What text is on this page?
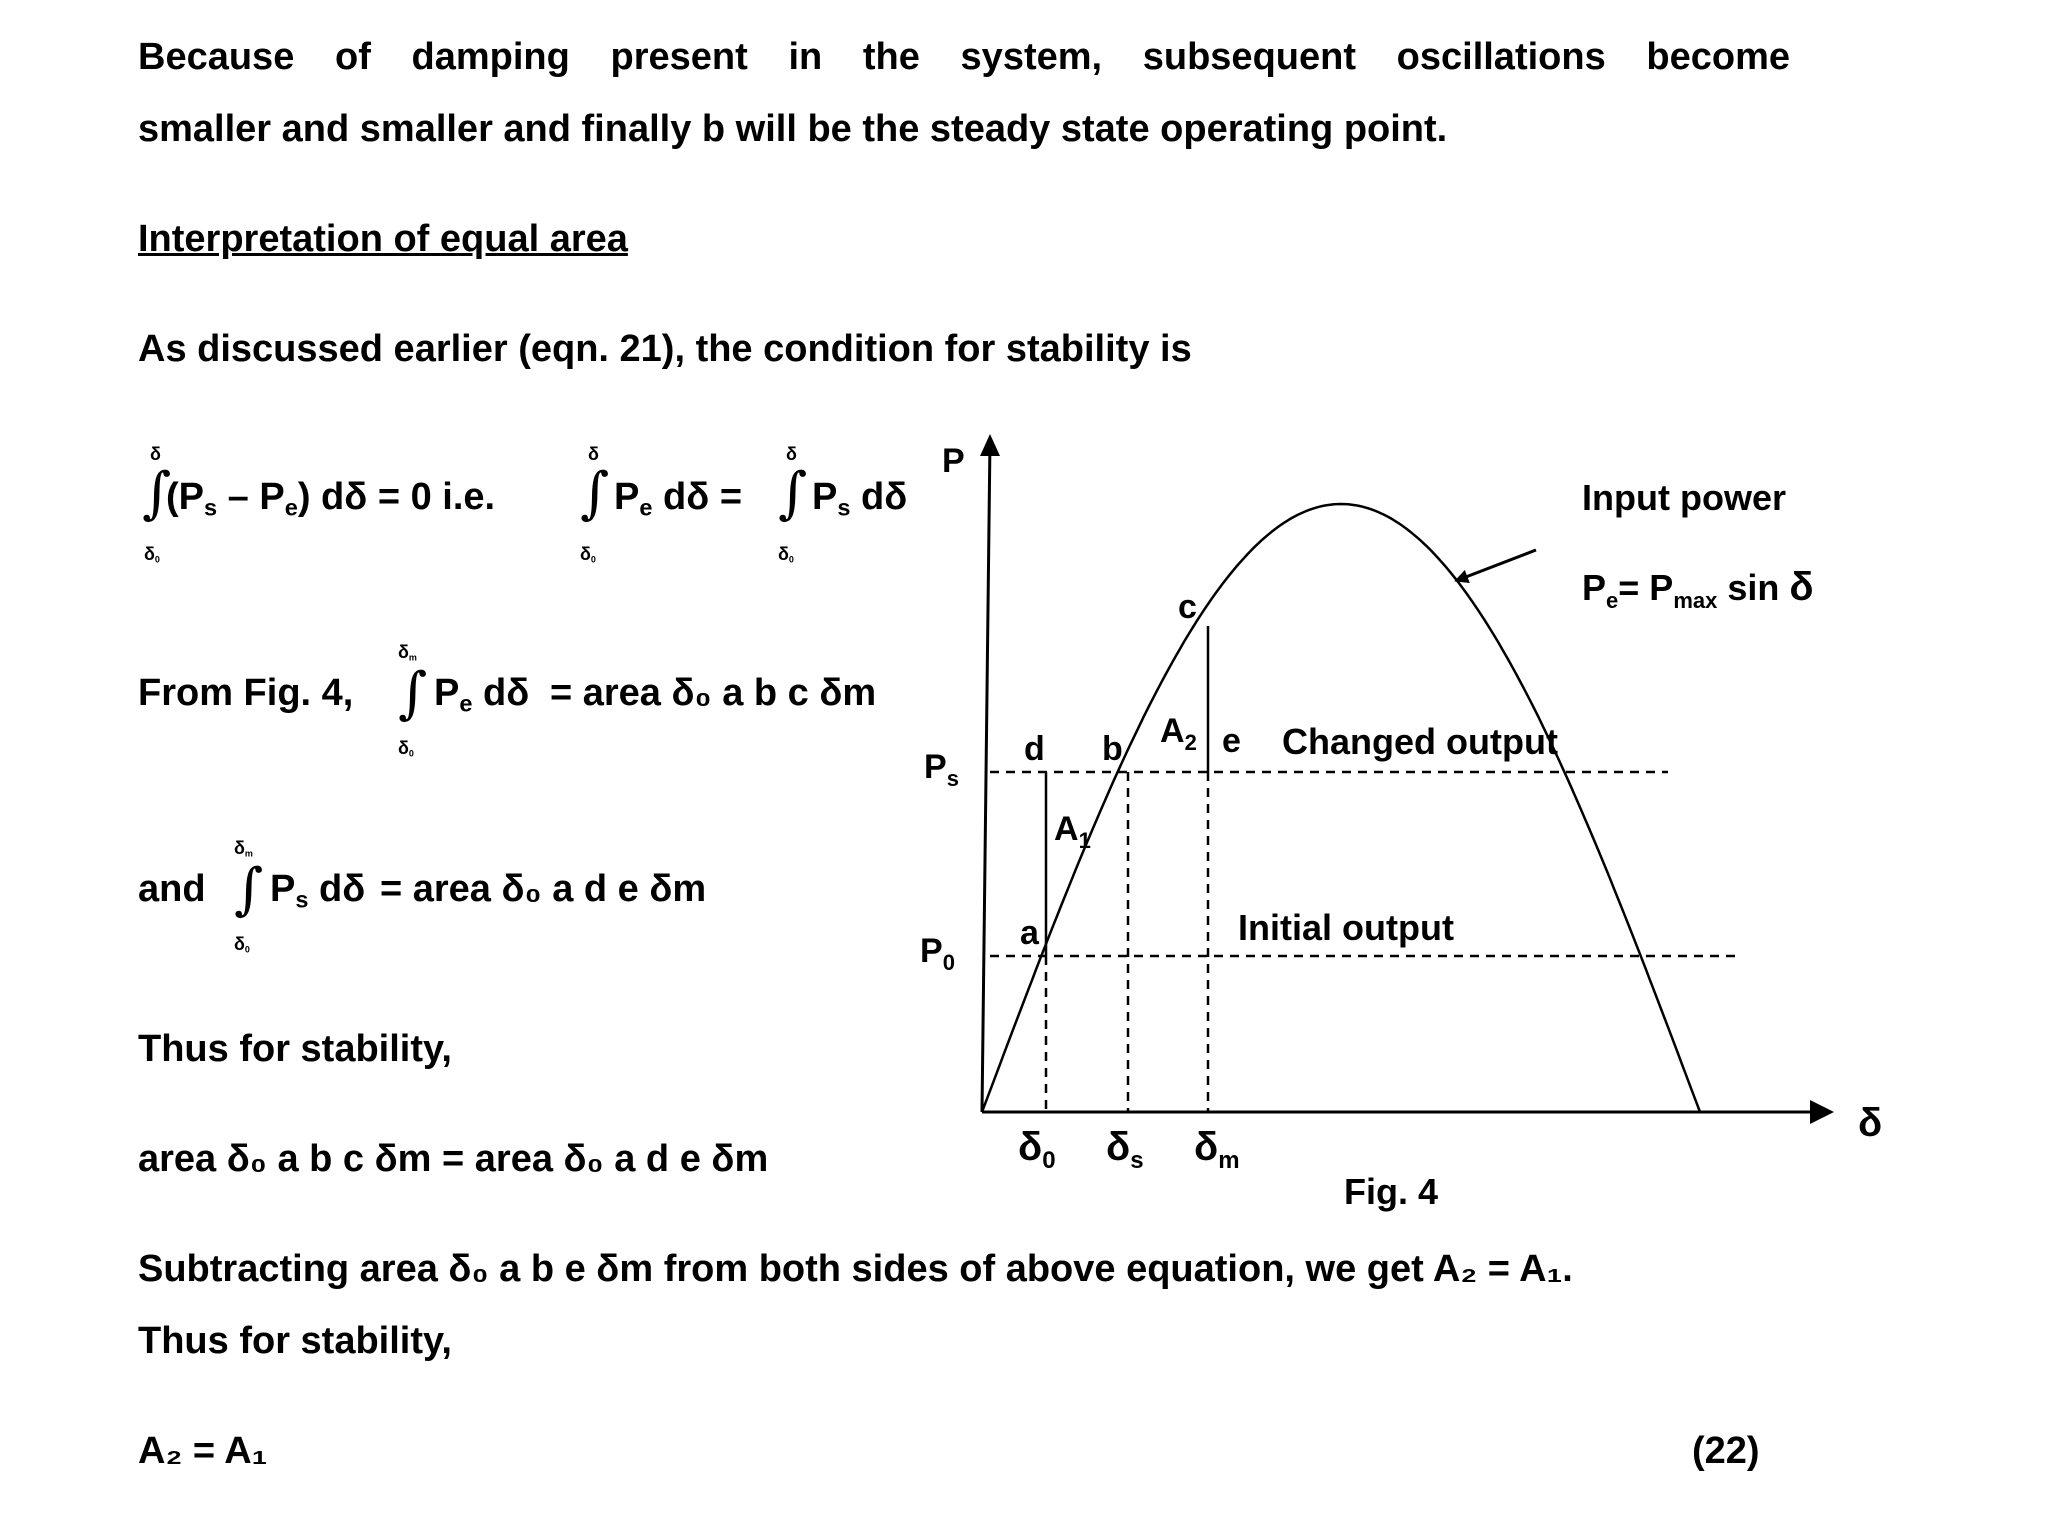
Because of damping present in the system, subsequent oscillations become
smaller and smaller and finally b will be the steady state operating point.
Interpretation of equal area
As discussed earlier (eqn. 21), the condition for stability is
δ
∫
$\delta_0$
$(P_s - P_e) d\delta = 0$ i.e.
δ
∫
$\delta_0$
$P_e$ dδ =
δ
∫
$\delta_0$
$P_s$ dδ
From Fig. 4,
$\delta_m$
∫
$\delta_0$
$P_e$ dδ = area δ₀ a b c δm
and
$\delta_m$
∫
$\delta_0$
$P_s$ dδ = area δ₀ a d e δm
Thus for stability,
area δ₀ a b c δm = area δ₀ a d e δm
P
δ
Input power
$P_e= P_{max}$ sin δ
Changed output
Initial output
$P_s$
$P_0$
d b
c
e
a
$A_1$
$A_2$
$\delta_0$ $\delta_s$ $\delta_m$
Fig. 4
Subtracting area δ₀ a b e δm from both sides of above equation, we get A₂ = A₁.
Thus for stability,
A₂ = A₁	(22)
